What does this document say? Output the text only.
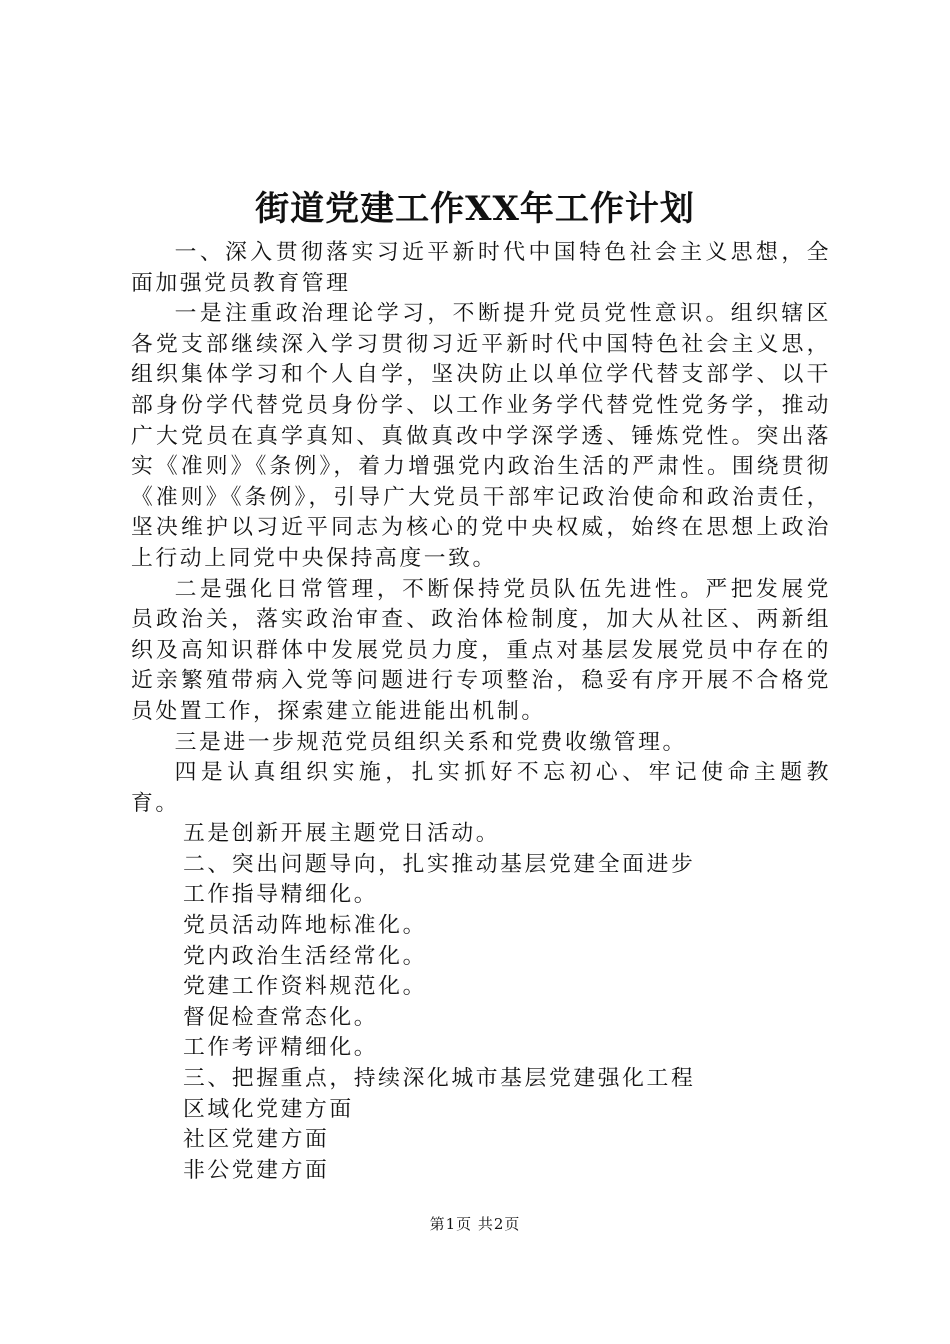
街道党建工作XX年工作计划

一、深入贯彻落实习近平新时代中国特色社会主义思想，全面加强党员教育管理

一是注重政治理论学习，不断提升党员党性意识。组织辖区各党支部继续深入学习贯彻习近平新时代中国特色社会主义思，组织集体学习和个人自学，坚决防止以单位学代替支部学、以干部身份学代替党员身份学、以工作业务学代替党性党务学，推动广大党员在真学真知、真做真改中学深学透、锤炼党性。突出落实《准则》《条例》，着力增强党内政治生活的严肃性。围绕贯彻《准则》《条例》，引导广大党员干部牢记政治使命和政治责任，坚决维护以习近平同志为核心的党中央权威，始终在思想上政治上行动上同党中央保持高度一致。

二是强化日常管理，不断保持党员队伍先进性。严把发展党员政治关，落实政治审查、政治体检制度，加大从社区、两新组织及高知识群体中发展党员力度，重点对基层发展党员中存在的近亲繁殖带病入党等问题进行专项整治，稳妥有序开展不合格党员处置工作，探索建立能进能出机制。

三是进一步规范党员组织关系和党费收缴管理。

四是认真组织实施，扎实抓好不忘初心、牢记使命主题教育。

五是创新开展主题党日活动。

二、突出问题导向，扎实推动基层党建全面进步

工作指导精细化。

党员活动阵地标准化。

党内政治生活经常化。

党建工作资料规范化。

督促检查常态化。

工作考评精细化。

三、把握重点，持续深化城市基层党建强化工程

区域化党建方面

社区党建方面

非公党建方面

第1页 共2页
